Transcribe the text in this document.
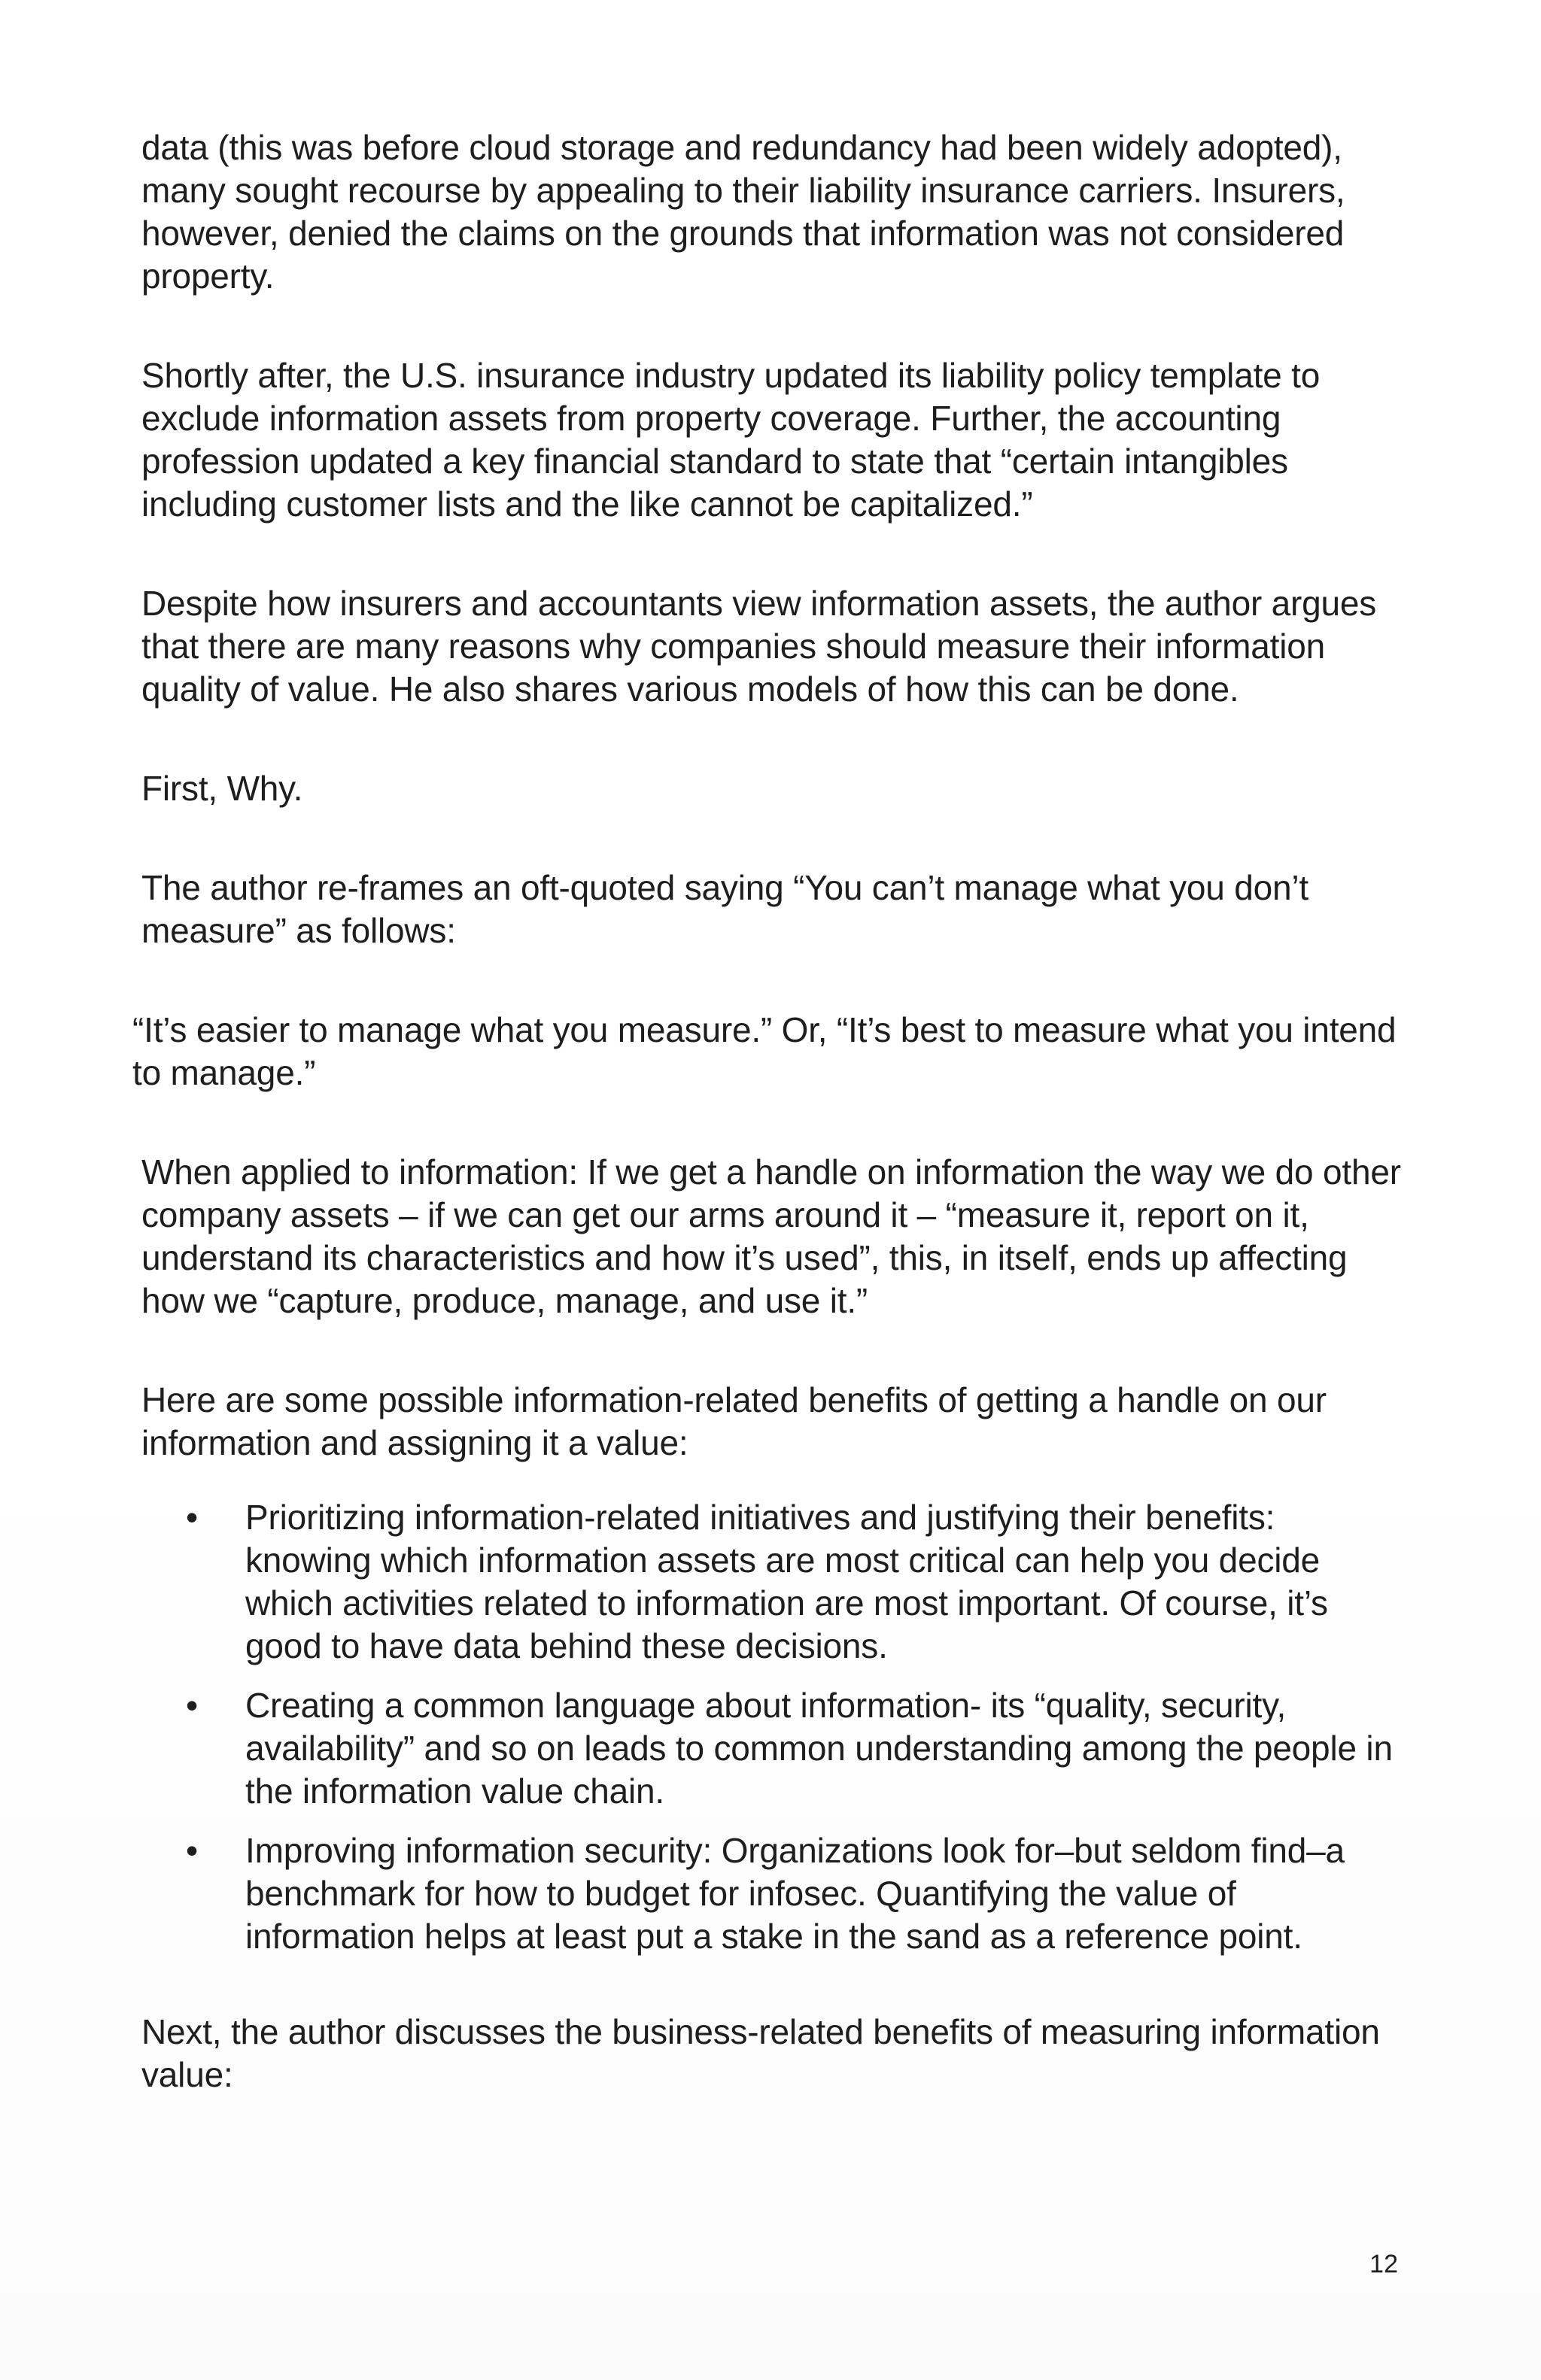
data (this was before cloud storage and redundancy had been widely adopted), many sought recourse by appealing to their liability insurance carriers. Insurers, however, denied the claims on the grounds that information was not considered property.

Shortly after, the U.S. insurance industry updated its liability policy template to exclude information assets from property coverage. Further, the accounting profession updated a key financial standard to state that “certain intangibles including customer lists and the like cannot be capitalized.”

Despite how insurers and accountants view information assets, the author argues that there are many reasons why companies should measure their information quality of value. He also shares various models of how this can be done.

First, Why.

The author re-frames an oft-quoted saying “You can’t manage what you don’t measure” as follows:

“It’s easier to manage what you measure.” Or, “It’s best to measure what you intend to manage.”

When applied to information: If we get a handle on information the way we do other company assets – if we can get our arms around it – “measure it, report on it, understand its characteristics and how it’s used”, this, in itself, ends up affecting how we “capture, produce, manage, and use it.”

Here are some possible information-related benefits of getting a handle on our information and assigning it a value:

• Prioritizing information-related initiatives and justifying their benefits: knowing which information assets are most critical can help you decide which activities related to information are most important. Of course, it’s good to have data behind these decisions.
• Creating a common language about information- its “quality, security, availability” and so on leads to common understanding among the people in the information value chain.
• Improving information security: Organizations look for–but seldom find–a benchmark for how to budget for infosec. Quantifying the value of information helps at least put a stake in the sand as a reference point.

Next, the author discusses the business-related benefits of measuring information value:

12
